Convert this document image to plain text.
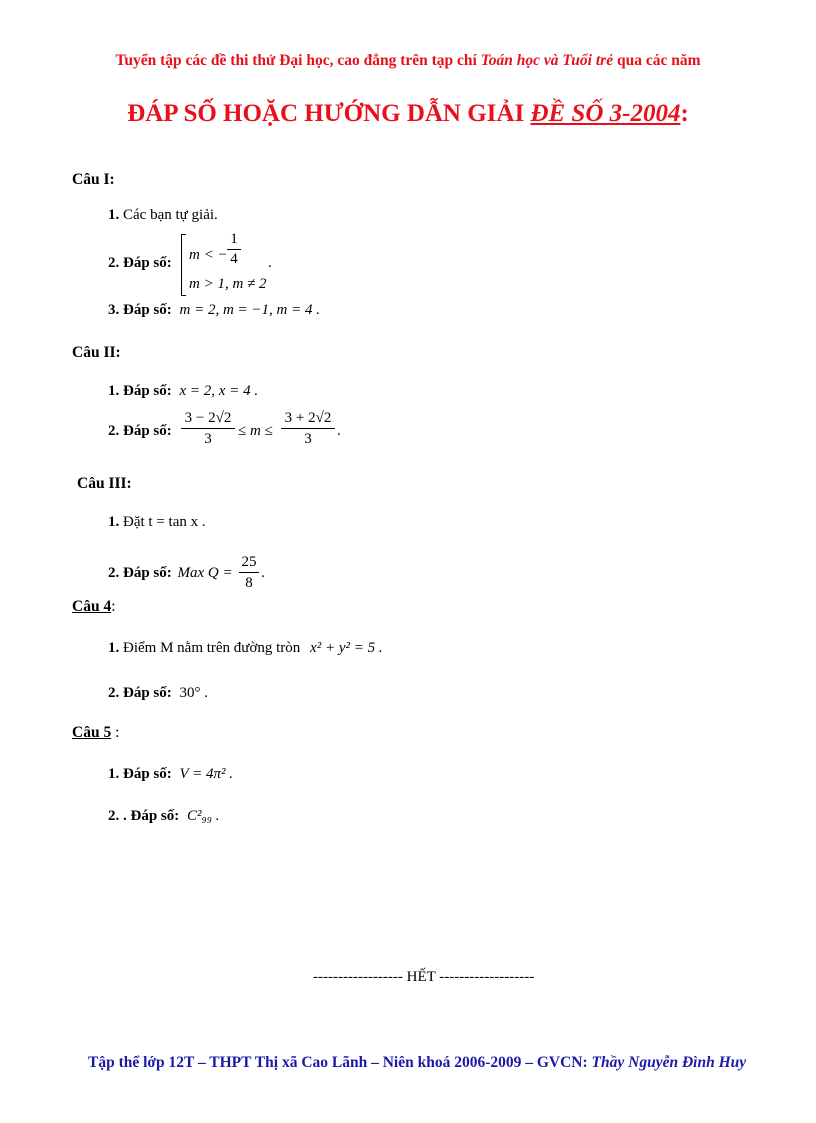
Tuyển tập các đề thi thử Đại học, cao đẳng trên tạp chí Toán học và Tuổi trẻ qua các năm
ĐÁP SỐ HOẶC HƯỚNG DẪN GIẢI ĐỀ SỐ 3-2004:
Câu I:
1. Các bạn tự giải.
2. Đáp số: m < − $\frac{1}{4}$
m > 1, m ≠ 2
.
3. Đáp số: m = 2, m = −1, m = 4 .
Câu II:
1. Đáp số: x = 2, x = 4 .
2. Đáp số: $\frac{3 - 2√2}{3} \le m \le \frac{3 + 2√2}{3}$ .
Câu III:
1. Đặt t = tan x .
2. Đáp số: Max $Q = \frac{25}{8}$ .
Câu 4:
1. Điểm M nằm trên đường tròn x² + y² = 5 .
2. Đáp số: 30° .
Câu 5 :
1. Đáp số: V = 4π² .
2. . Đáp số: C²₉₉ .
------------------ HẾT -------------------
Tập thể lớp 12T – THPT Thị xã Cao Lãnh – Niên khoá 2006-2009 – GVCN: Thầy Nguyễn Đình Huy
